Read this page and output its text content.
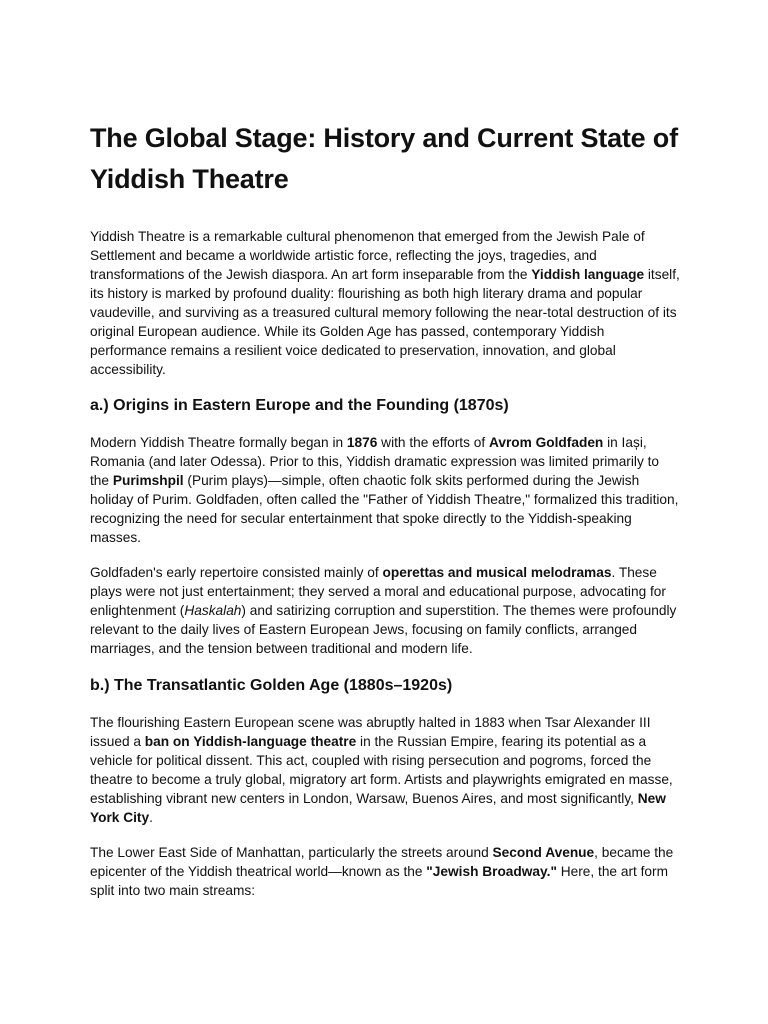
The Global Stage: History and Current State of Yiddish Theatre

Yiddish Theatre is a remarkable cultural phenomenon that emerged from the Jewish Pale of Settlement and became a worldwide artistic force, reflecting the joys, tragedies, and transformations of the Jewish diaspora. An art form inseparable from the Yiddish language itself, its history is marked by profound duality: flourishing as both high literary drama and popular vaudeville, and surviving as a treasured cultural memory following the near-total destruction of its original European audience. While its Golden Age has passed, contemporary Yiddish performance remains a resilient voice dedicated to preservation, innovation, and global accessibility.

a.) Origins in Eastern Europe and the Founding (1870s)

Modern Yiddish Theatre formally began in 1876 with the efforts of Avrom Goldfaden in Iași, Romania (and later Odessa). Prior to this, Yiddish dramatic expression was limited primarily to the Purimshpil (Purim plays)—simple, often chaotic folk skits performed during the Jewish holiday of Purim. Goldfaden, often called the "Father of Yiddish Theatre," formalized this tradition, recognizing the need for secular entertainment that spoke directly to the Yiddish-speaking masses.

Goldfaden's early repertoire consisted mainly of operettas and musical melodramas. These plays were not just entertainment; they served a moral and educational purpose, advocating for enlightenment (Haskalah) and satirizing corruption and superstition. The themes were profoundly relevant to the daily lives of Eastern European Jews, focusing on family conflicts, arranged marriages, and the tension between traditional and modern life.

b.) The Transatlantic Golden Age (1880s–1920s)

The flourishing Eastern European scene was abruptly halted in 1883 when Tsar Alexander III issued a ban on Yiddish-language theatre in the Russian Empire, fearing its potential as a vehicle for political dissent. This act, coupled with rising persecution and pogroms, forced the theatre to become a truly global, migratory art form. Artists and playwrights emigrated en masse, establishing vibrant new centers in London, Warsaw, Buenos Aires, and most significantly, New York City.

The Lower East Side of Manhattan, particularly the streets around Second Avenue, became the epicenter of the Yiddish theatrical world—known as the "Jewish Broadway." Here, the art form split into two main streams:
